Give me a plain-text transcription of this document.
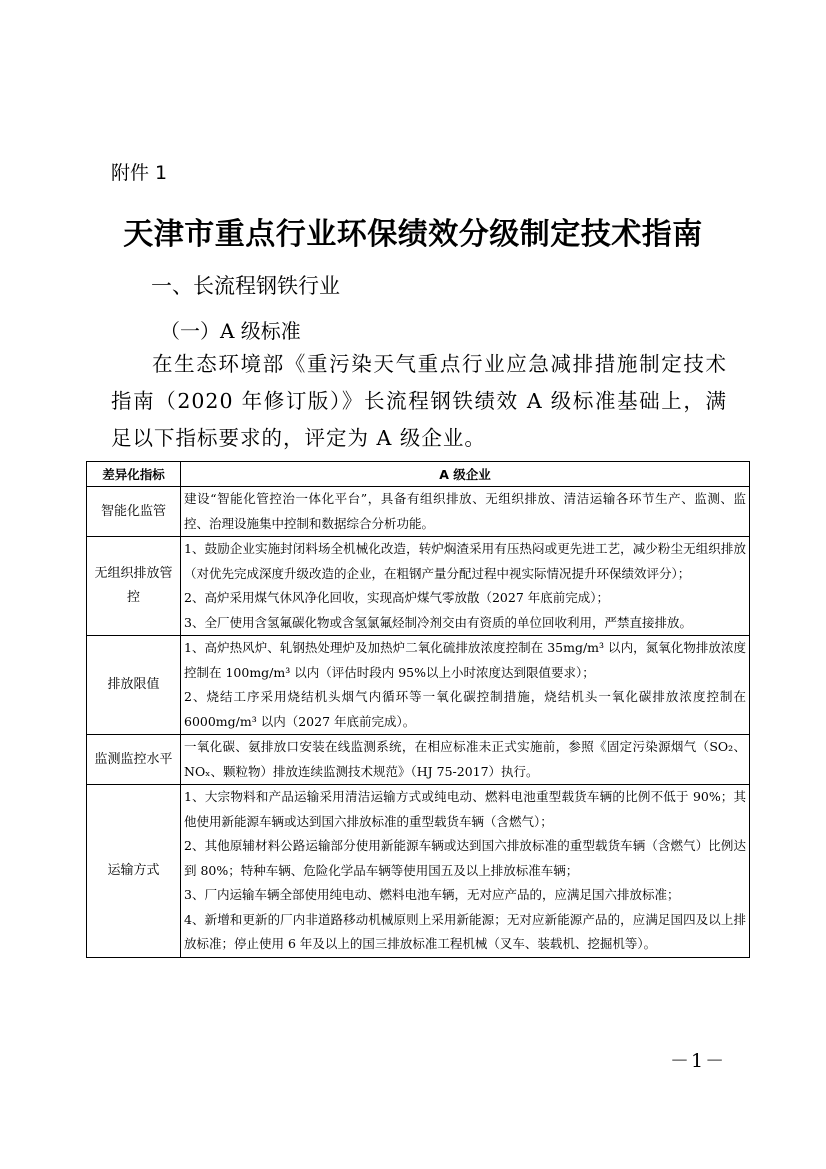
附件 1
天津市重点行业环保绩效分级制定技术指南
一、长流程钢铁行业
（一）A 级标准
在生态环境部《重污染天气重点行业应急减排措施制定技术指南（2020 年修订版）》长流程钢铁绩效 A 级标准基础上，满足以下指标要求的，评定为 A 级企业。
差异化指标	A 级企业
智能化监管	建设“智能化管控治一体化平台”，具备有组织排放、无组织排放、清洁运输各环节生产、监测、监控、治理设施集中控制和数据综合分析功能。

无组织排放管控	1、鼓励企业实施封闭料场全机械化改造，转炉焖渣采用有压热闷或更先进工艺，减少粉尘无组织排放（对优先完成深度升级改造的企业，在粗钢产量分配过程中视实际情况提升环保绩效评分）；

2、高炉采用煤气休风净化回收，实现高炉煤气零放散（2027 年底前完成）；

3、全厂使用含氢氟碳化物或含氢氯氟烃制冷剂交由有资质的单位回收利用，严禁直接排放。

排放限值	1、高炉热风炉、轧钢热处理炉及加热炉二氧化硫排放浓度控制在 35mg/m³ 以内，氮氧化物排放浓度控制在 100mg/m³ 以内（评估时段内 95%以上小时浓度达到限值要求）；

2、烧结工序采用烧结机头烟气内循环等一氧化碳控制措施，烧结机头一氧化碳排放浓度控制在 6000mg/m³ 以内（2027 年底前完成）。

监测监控水平	一氧化碳、氨排放口安装在线监测系统，在相应标准未正式实施前，参照《固定污染源烟气（SO₂、NOₓ、颗粒物）排放连续监测技术规范》（HJ 75-2017）执行。

运输方式	1、大宗物料和产品运输采用清洁运输方式或纯电动、燃料电池重型载货车辆的比例不低于 90%；其他使用新能源车辆或达到国六排放标准的重型载货车辆（含燃气）；

2、其他原辅材料公路运输部分使用新能源车辆或达到国六排放标准的重型载货车辆（含燃气）比例达到 80%；特种车辆、危险化学品车辆等使用国五及以上排放标准车辆；

3、厂内运输车辆全部使用纯电动、燃料电池车辆，无对应产品的，应满足国六排放标准；

4、新增和更新的厂内非道路移动机械原则上采用新能源；无对应新能源产品的，应满足国四及以上排放标准；停止使用 6 年及以上的国三排放标准工程机械（叉车、装载机、挖掘机等）。

－1－
